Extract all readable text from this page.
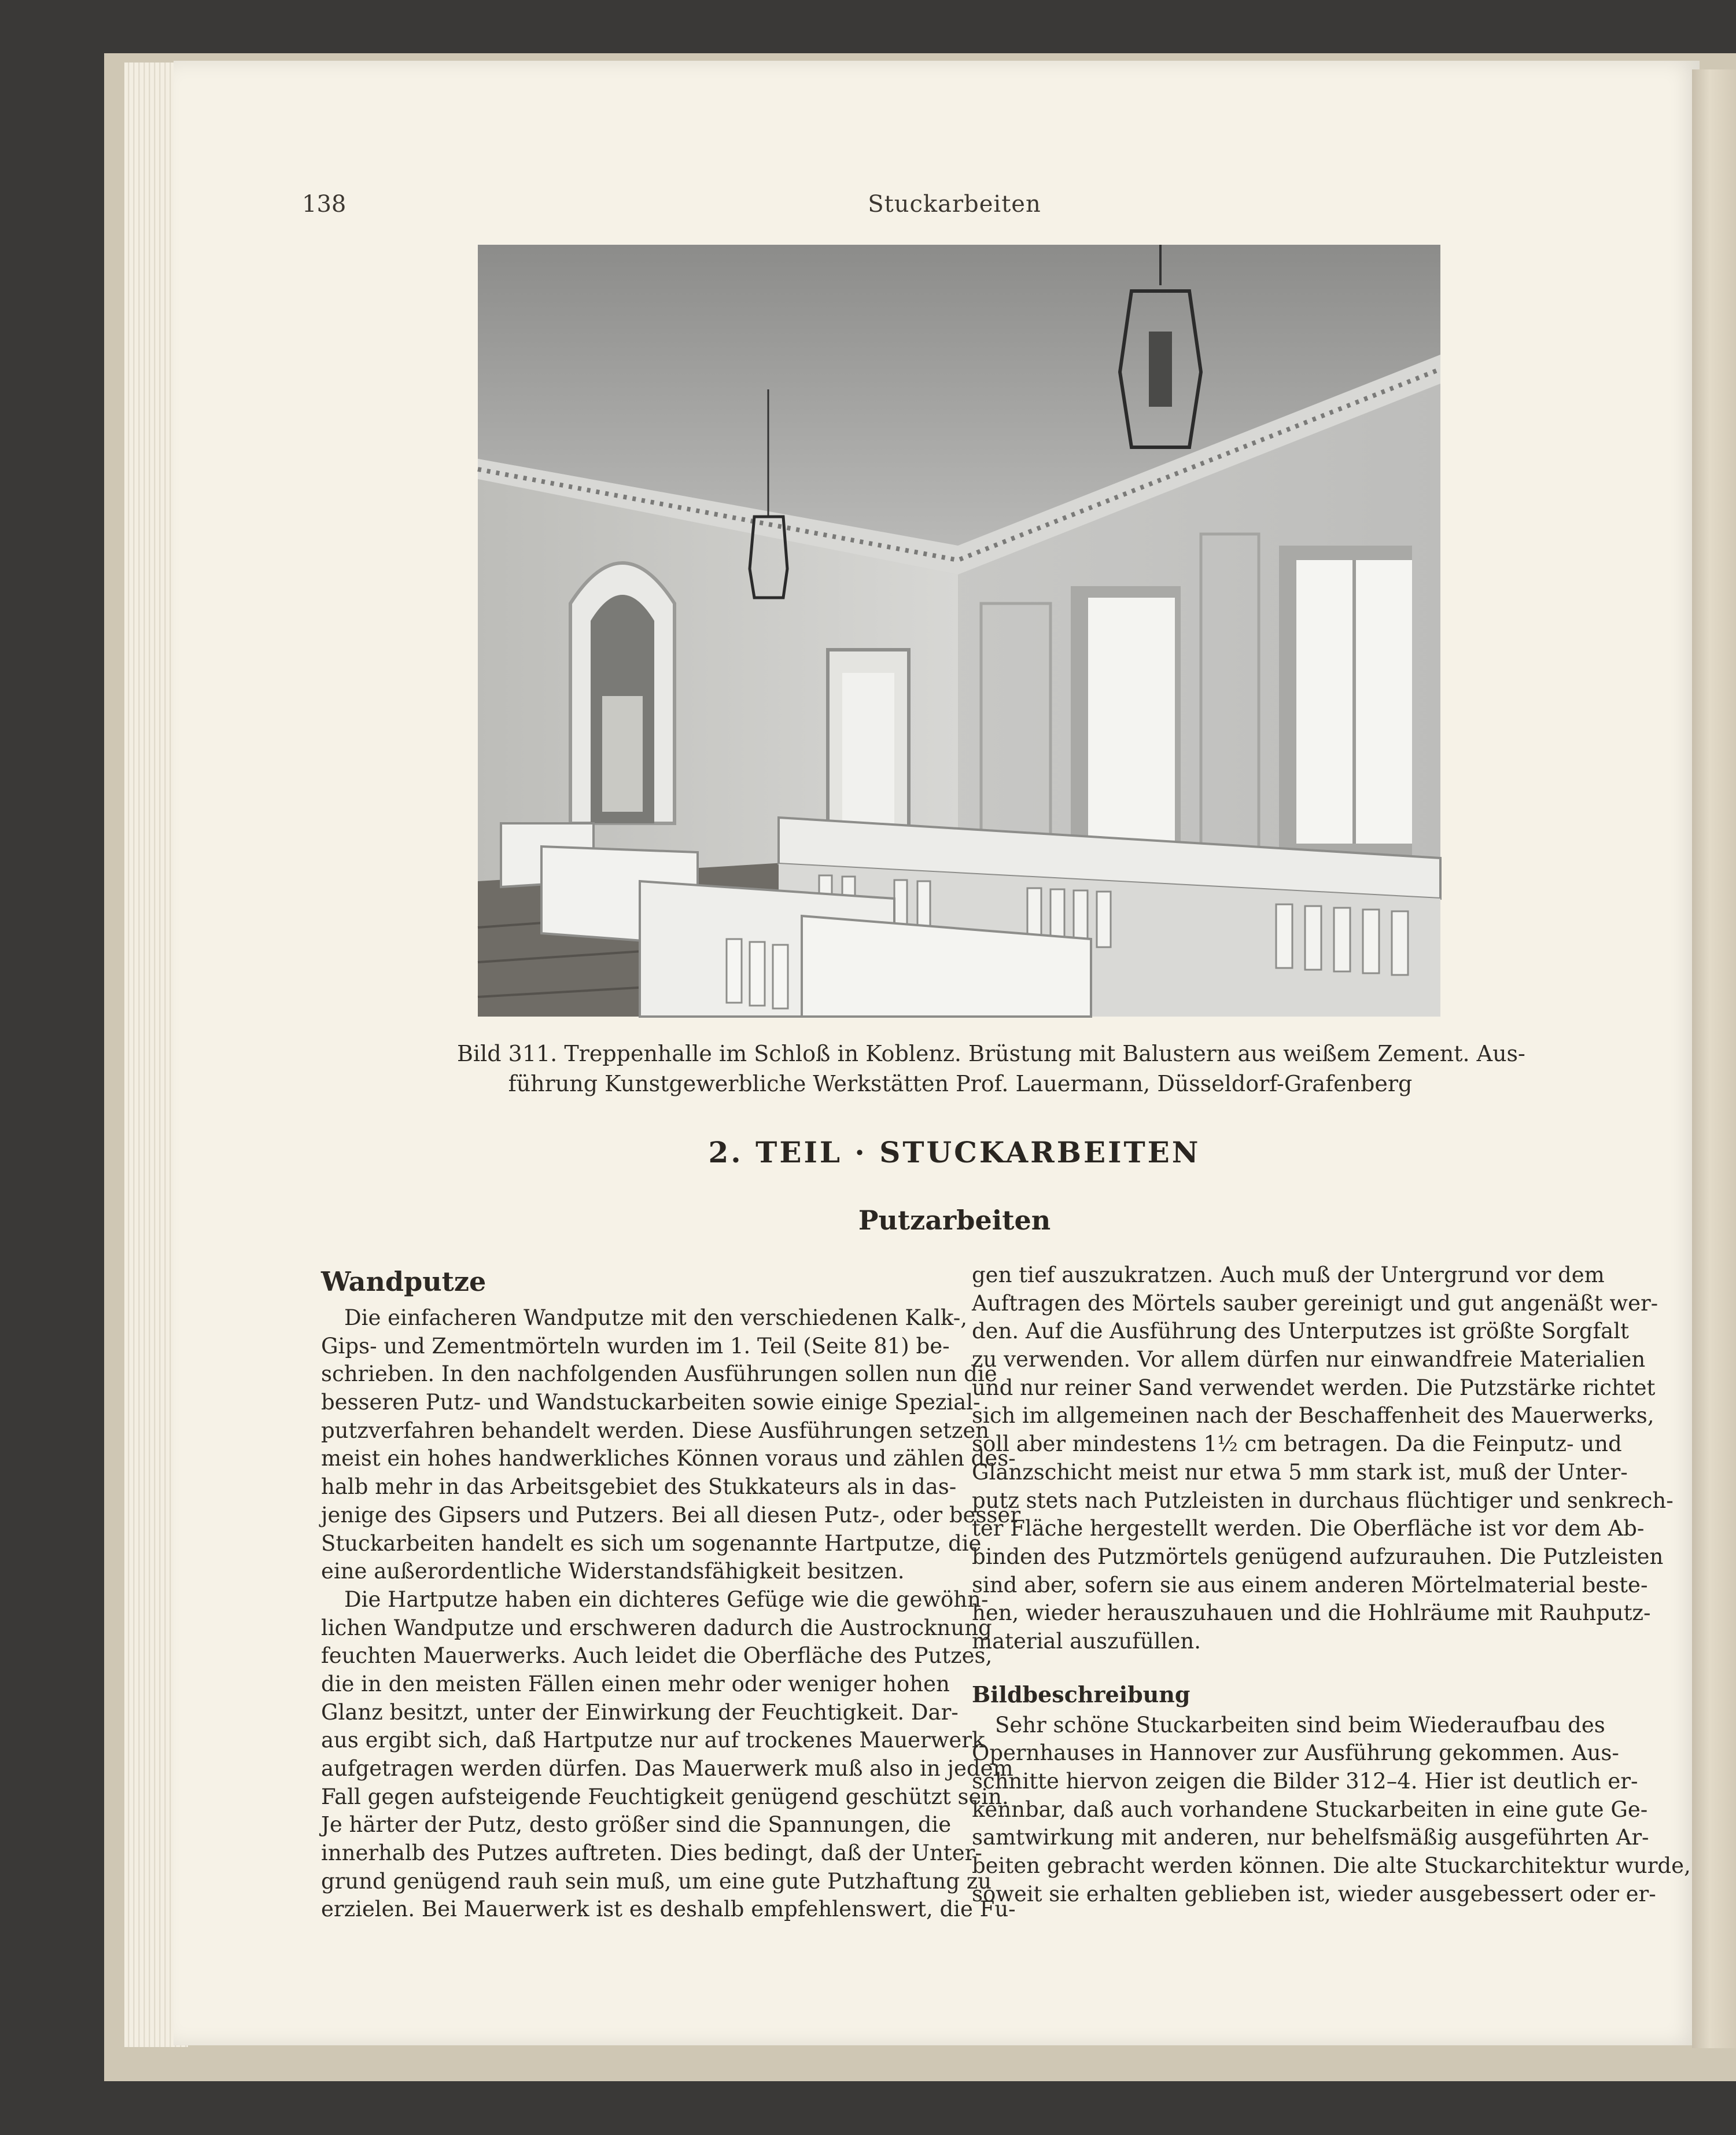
138	Stuckarbeiten
Bild 311. Treppenhalle im Schloß in Koblenz. Brüstung mit Balustern aus weißem Zement. Aus-
führung Kunstgewerbliche Werkstätten Prof. Lauermann, Düsseldorf-Grafenberg
2. TEIL · STUCKARBEITEN
Putzarbeiten
Wandputze
Die einfacheren Wandputze mit den verschiedenen Kalk-,
Gips- und Zementmörteln wurden im 1. Teil (Seite 81) be-
schrieben. In den nachfolgenden Ausführungen sollen nun die
besseren Putz- und Wandstuckarbeiten sowie einige Spezial-
putzverfahren behandelt werden. Diese Ausführungen setzen
meist ein hohes handwerkliches Können voraus und zählen des-
halb mehr in das Arbeitsgebiet des Stukkateurs als in das-
jenige des Gipsers und Putzers. Bei all diesen Putz-, oder besser
Stuckarbeiten handelt es sich um sogenannte Hartputze, die
eine außerordentliche Widerstandsfähigkeit besitzen.
Die Hartputze haben ein dichteres Gefüge wie die gewöhn-
lichen Wandputze und erschweren dadurch die Austrocknung
feuchten Mauerwerks. Auch leidet die Oberfläche des Putzes,
die in den meisten Fällen einen mehr oder weniger hohen
Glanz besitzt, unter der Einwirkung der Feuchtigkeit. Dar-
aus ergibt sich, daß Hartputze nur auf trockenes Mauerwerk
aufgetragen werden dürfen. Das Mauerwerk muß also in jedem
Fall gegen aufsteigende Feuchtigkeit genügend geschützt sein.
Je härter der Putz, desto größer sind die Spannungen, die
innerhalb des Putzes auftreten. Dies bedingt, daß der Unter-
grund genügend rauh sein muß, um eine gute Putzhaftung zu
erzielen. Bei Mauerwerk ist es deshalb empfehlenswert, die Fu-
gen tief auszukratzen. Auch muß der Untergrund vor dem
Auftragen des Mörtels sauber gereinigt und gut angenäßt wer-
den. Auf die Ausführung des Unterputzes ist größte Sorgfalt
zu verwenden. Vor allem dürfen nur einwandfreie Materialien
und nur reiner Sand verwendet werden. Die Putzstärke richtet
sich im allgemeinen nach der Beschaffenheit des Mauerwerks,
soll aber mindestens 1½ cm betragen. Da die Feinputz- und
Glanzschicht meist nur etwa 5 mm stark ist, muß der Unter-
putz stets nach Putzleisten in durchaus flüchtiger und senkrech-
ter Fläche hergestellt werden. Die Oberfläche ist vor dem Ab-
binden des Putzmörtels genügend aufzurauhen. Die Putzleisten
sind aber, sofern sie aus einem anderen Mörtelmaterial beste-
hen, wieder herauszuhauen und die Hohlräume mit Rauhputz-
material auszufüllen.
Bildbeschreibung
Sehr schöne Stuckarbeiten sind beim Wiederaufbau des
Opernhauses in Hannover zur Ausführung gekommen. Aus-
schnitte hiervon zeigen die Bilder 312–4. Hier ist deutlich er-
kennbar, daß auch vorhandene Stuckarbeiten in eine gute Ge-
samtwirkung mit anderen, nur behelfsmäßig ausgeführten Ar-
beiten gebracht werden können. Die alte Stuckarchitektur wurde,
soweit sie erhalten geblieben ist, wieder ausgebessert oder er-
